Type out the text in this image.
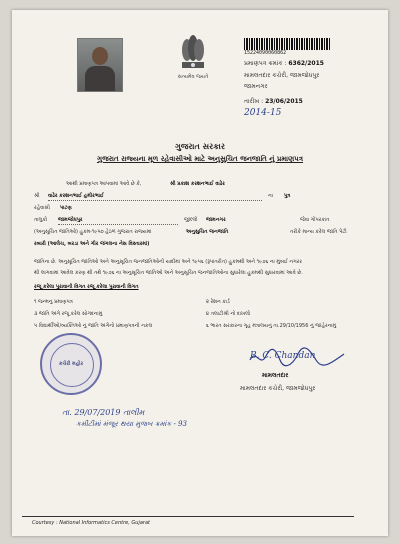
સત્યમેવ જયતે
15224090060862
પ્રમાણપત્ર ક્રમાંક : 6362/2015
મામલતદાર કચેરી, જામજોધપુર
જામનગર
તારીખ : 23/06/2015
2014-15
ગુજરાત સરકાર
ગુજરાત રાજ્યના મૂળ રહેવાસીઓ માટે અનુસુચિત જનજાતિ નું પ્રમાણપત્ર
આથી પ્રમાણપત્ર આપવામાં આવે છે કે,	શ્રી પ્રકાશ કરશનભાઈ વાઢેર
શ્રી વાઢેર કરશનભાઈ હમીરભાઈ	ના પુત્ર
રહેવાસી પાટણ
તાલુકો જામજોધપુર	જીલ્લો જામનગર	જેવા ગોપરકાત
(અનુસૂચિત જાતિઓ) હુકમ-૧૯૫૦ હેઠળ ગુજરાત રાજ્યમાં	અનુસુચિત જનજાતિ	તરીકે માન્ય કરેલ જાતિ પેટી
રબારી (આલેચ, બરડા અને ગીર જંગલના નેસ વિસ્તારમાં)
જાતિના છે. અનુસૂચિત જાતિઓ અને અનુસૂચિત જનજાતિઓની યાદીમાં અને ૧૯૫૬ (રૂપાંતરીત) હુકમથી અને ૧૯૭૬ ના મુંબઈ નગરર
થી લાગવામાં આવેલ કરણ થી તથે ૧૯૭૬ ના અનુસૂચિત જાતિઓ અને અનુસૂચિત જનજાતિઓના સુધારેલા હુકમથી સુધારવામાં આવે છે.
રજૂ કરેલા પુરાવાની વિગત રજૂ કરેલા પુરાવાની વિગત
૧ જન્મનું પ્રમાણપત્ર	૨ રેશન કાર્ડ
૩ જાતિ અંગે રજૂ કરેલ સોગંદનામું	૪ તલાટીશ્રી નો દાખલો
૫ વિદ્યાર્થીઓ/વ્યક્તિઓ નું જાતિ અંગેનો પ્રમાણપત્રની નકલ	૬ ભારત સરકારના ગૃહ મંત્રાલયનું તા.29/10/1956 નું જાહેરનામું
કચેરી મહોર
B. C. Chandan
મામલતદાર
મામલતદાર કચેરી, જામજોધપુર
તા. 29/07/2019 તાલીમ
કમીટીમાં મંજૂર થયા મુજબ ક્રમાંક - 93
Courtesy : National Informatics Centre, Gujarat
